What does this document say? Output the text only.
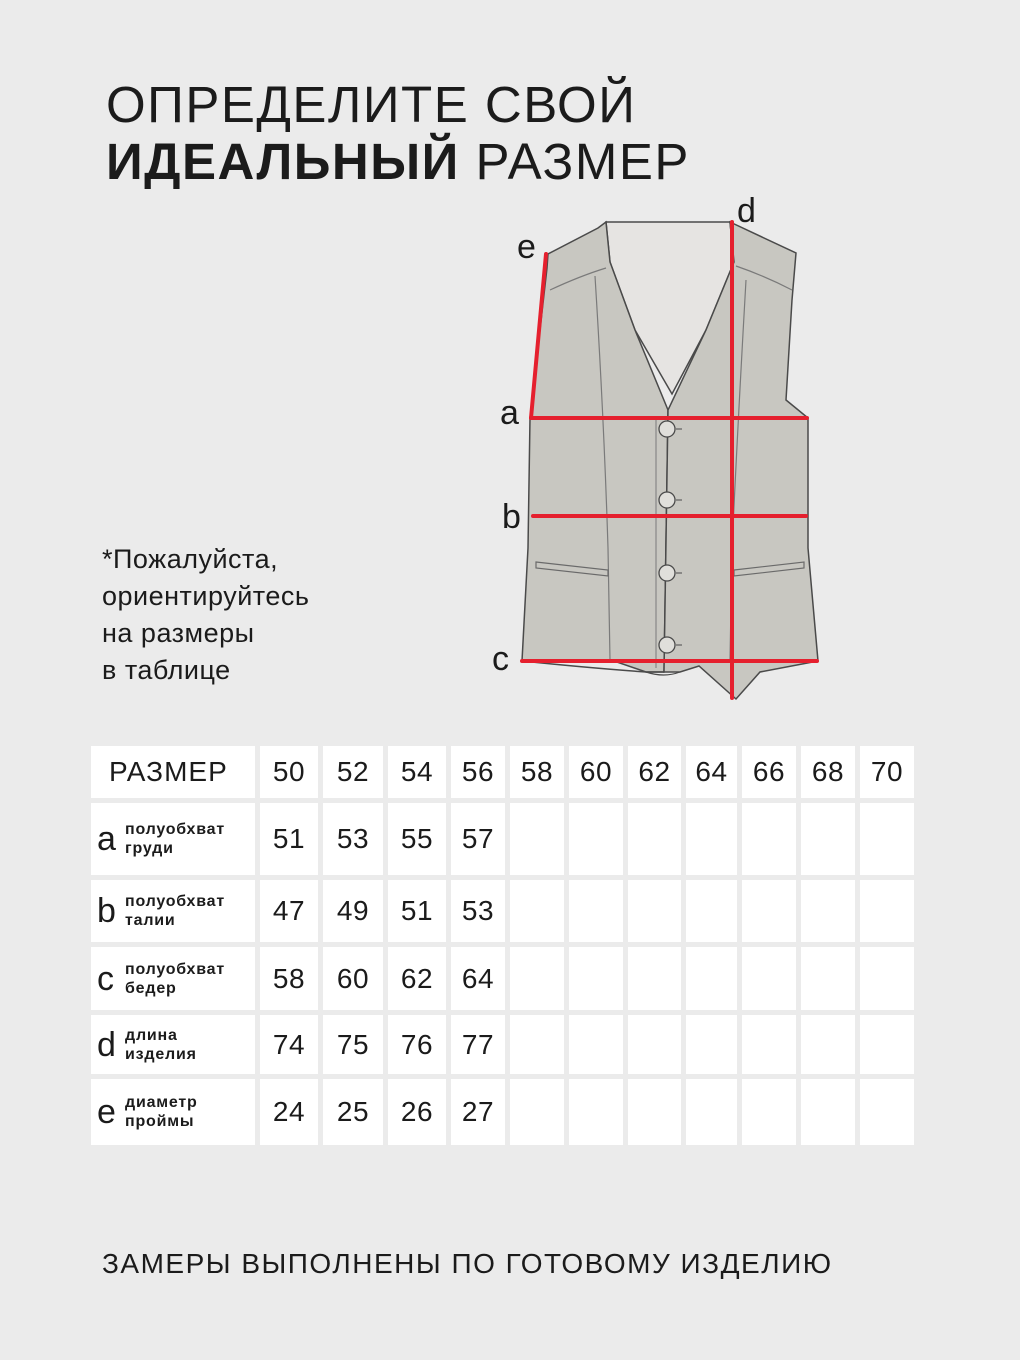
ОПРЕДЕЛИТЕ СВОЙ
ИДЕАЛЬНЫЙ РАЗМЕР
*Пожалуйста,
ориентируйтесь
на размеры
в таблице
e
d
a
b
c
РАЗМЕР	50	52	54	56	58	60	62	64	66	68	70

a полуобхват
груди	51	53	55	57							

b полуобхват
талии	47	49	51	53							

c полуобхват
бедер	58	60	62	64							

d длина
изделия	74	75	76	77							

e диаметр
проймы	24	25	26	27							
ЗАМЕРЫ ВЫПОЛНЕНЫ ПО ГОТОВОМУ ИЗДЕЛИЮ
